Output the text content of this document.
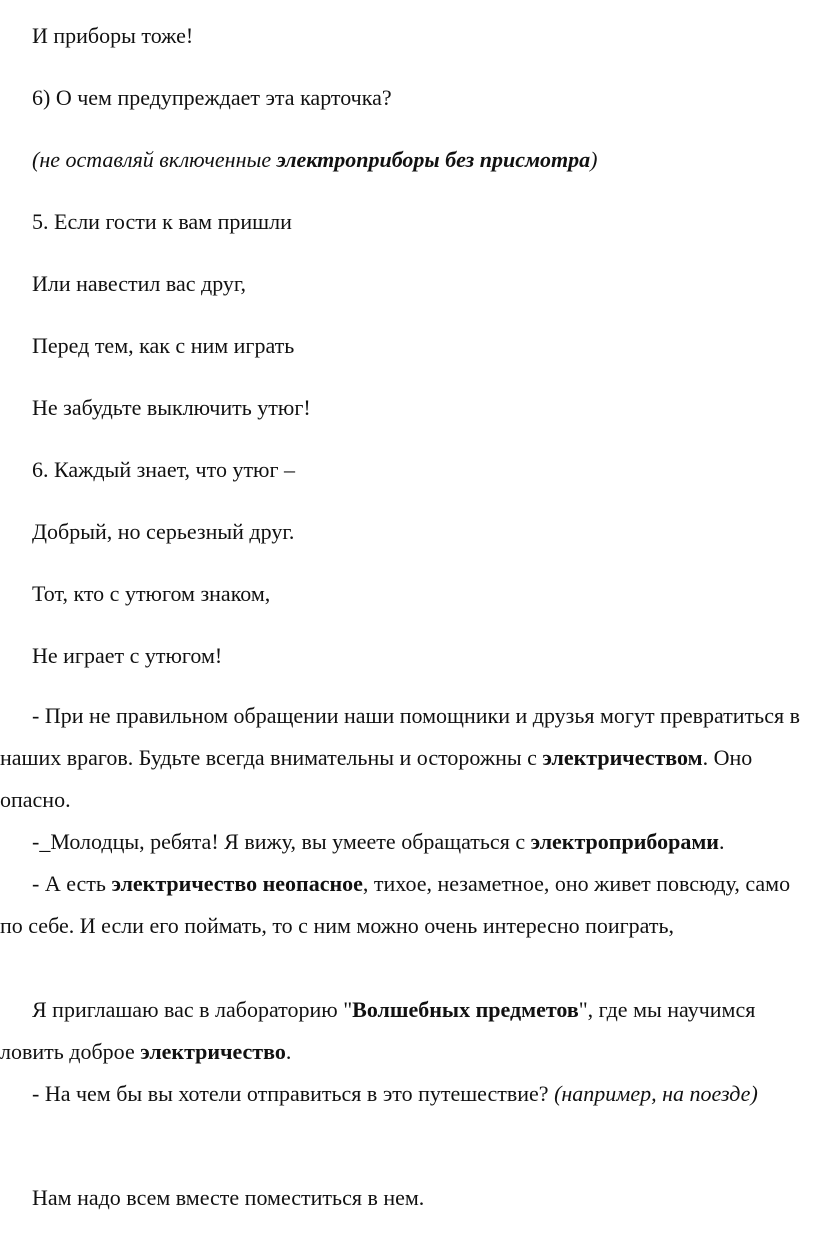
И приборы тоже!
6) О чем предупреждает эта карточка?
(не оставляй включенные электроприборы без присмотра)
5. Если гости к вам пришли
Или навестил вас друг,
Перед тем, как с ним играть
Не забудьте выключить утюг!
6. Каждый знает, что утюг –
Добрый, но серьезный друг.
Тот, кто с утюгом знаком,
Не играет с утюгом!
- При не правильном обращении наши помощники и друзья могут превратиться в наших врагов. Будьте всегда внимательны и осторожны с электричеством. Оно опасно.
-_Молодцы, ребята! Я вижу, вы умеете обращаться с электроприборами.
- А есть электричество неопасное, тихое, незаметное, оно живет повсюду, само по себе. И если его поймать, то с ним можно очень интересно поиграть,
Я приглашаю вас в лабораторию "Волшебных предметов", где мы научимся ловить доброе электричество.
- На чем бы вы хотели отправиться в это путешествие? (например, на поезде)
Нам надо всем вместе поместиться в нем.
